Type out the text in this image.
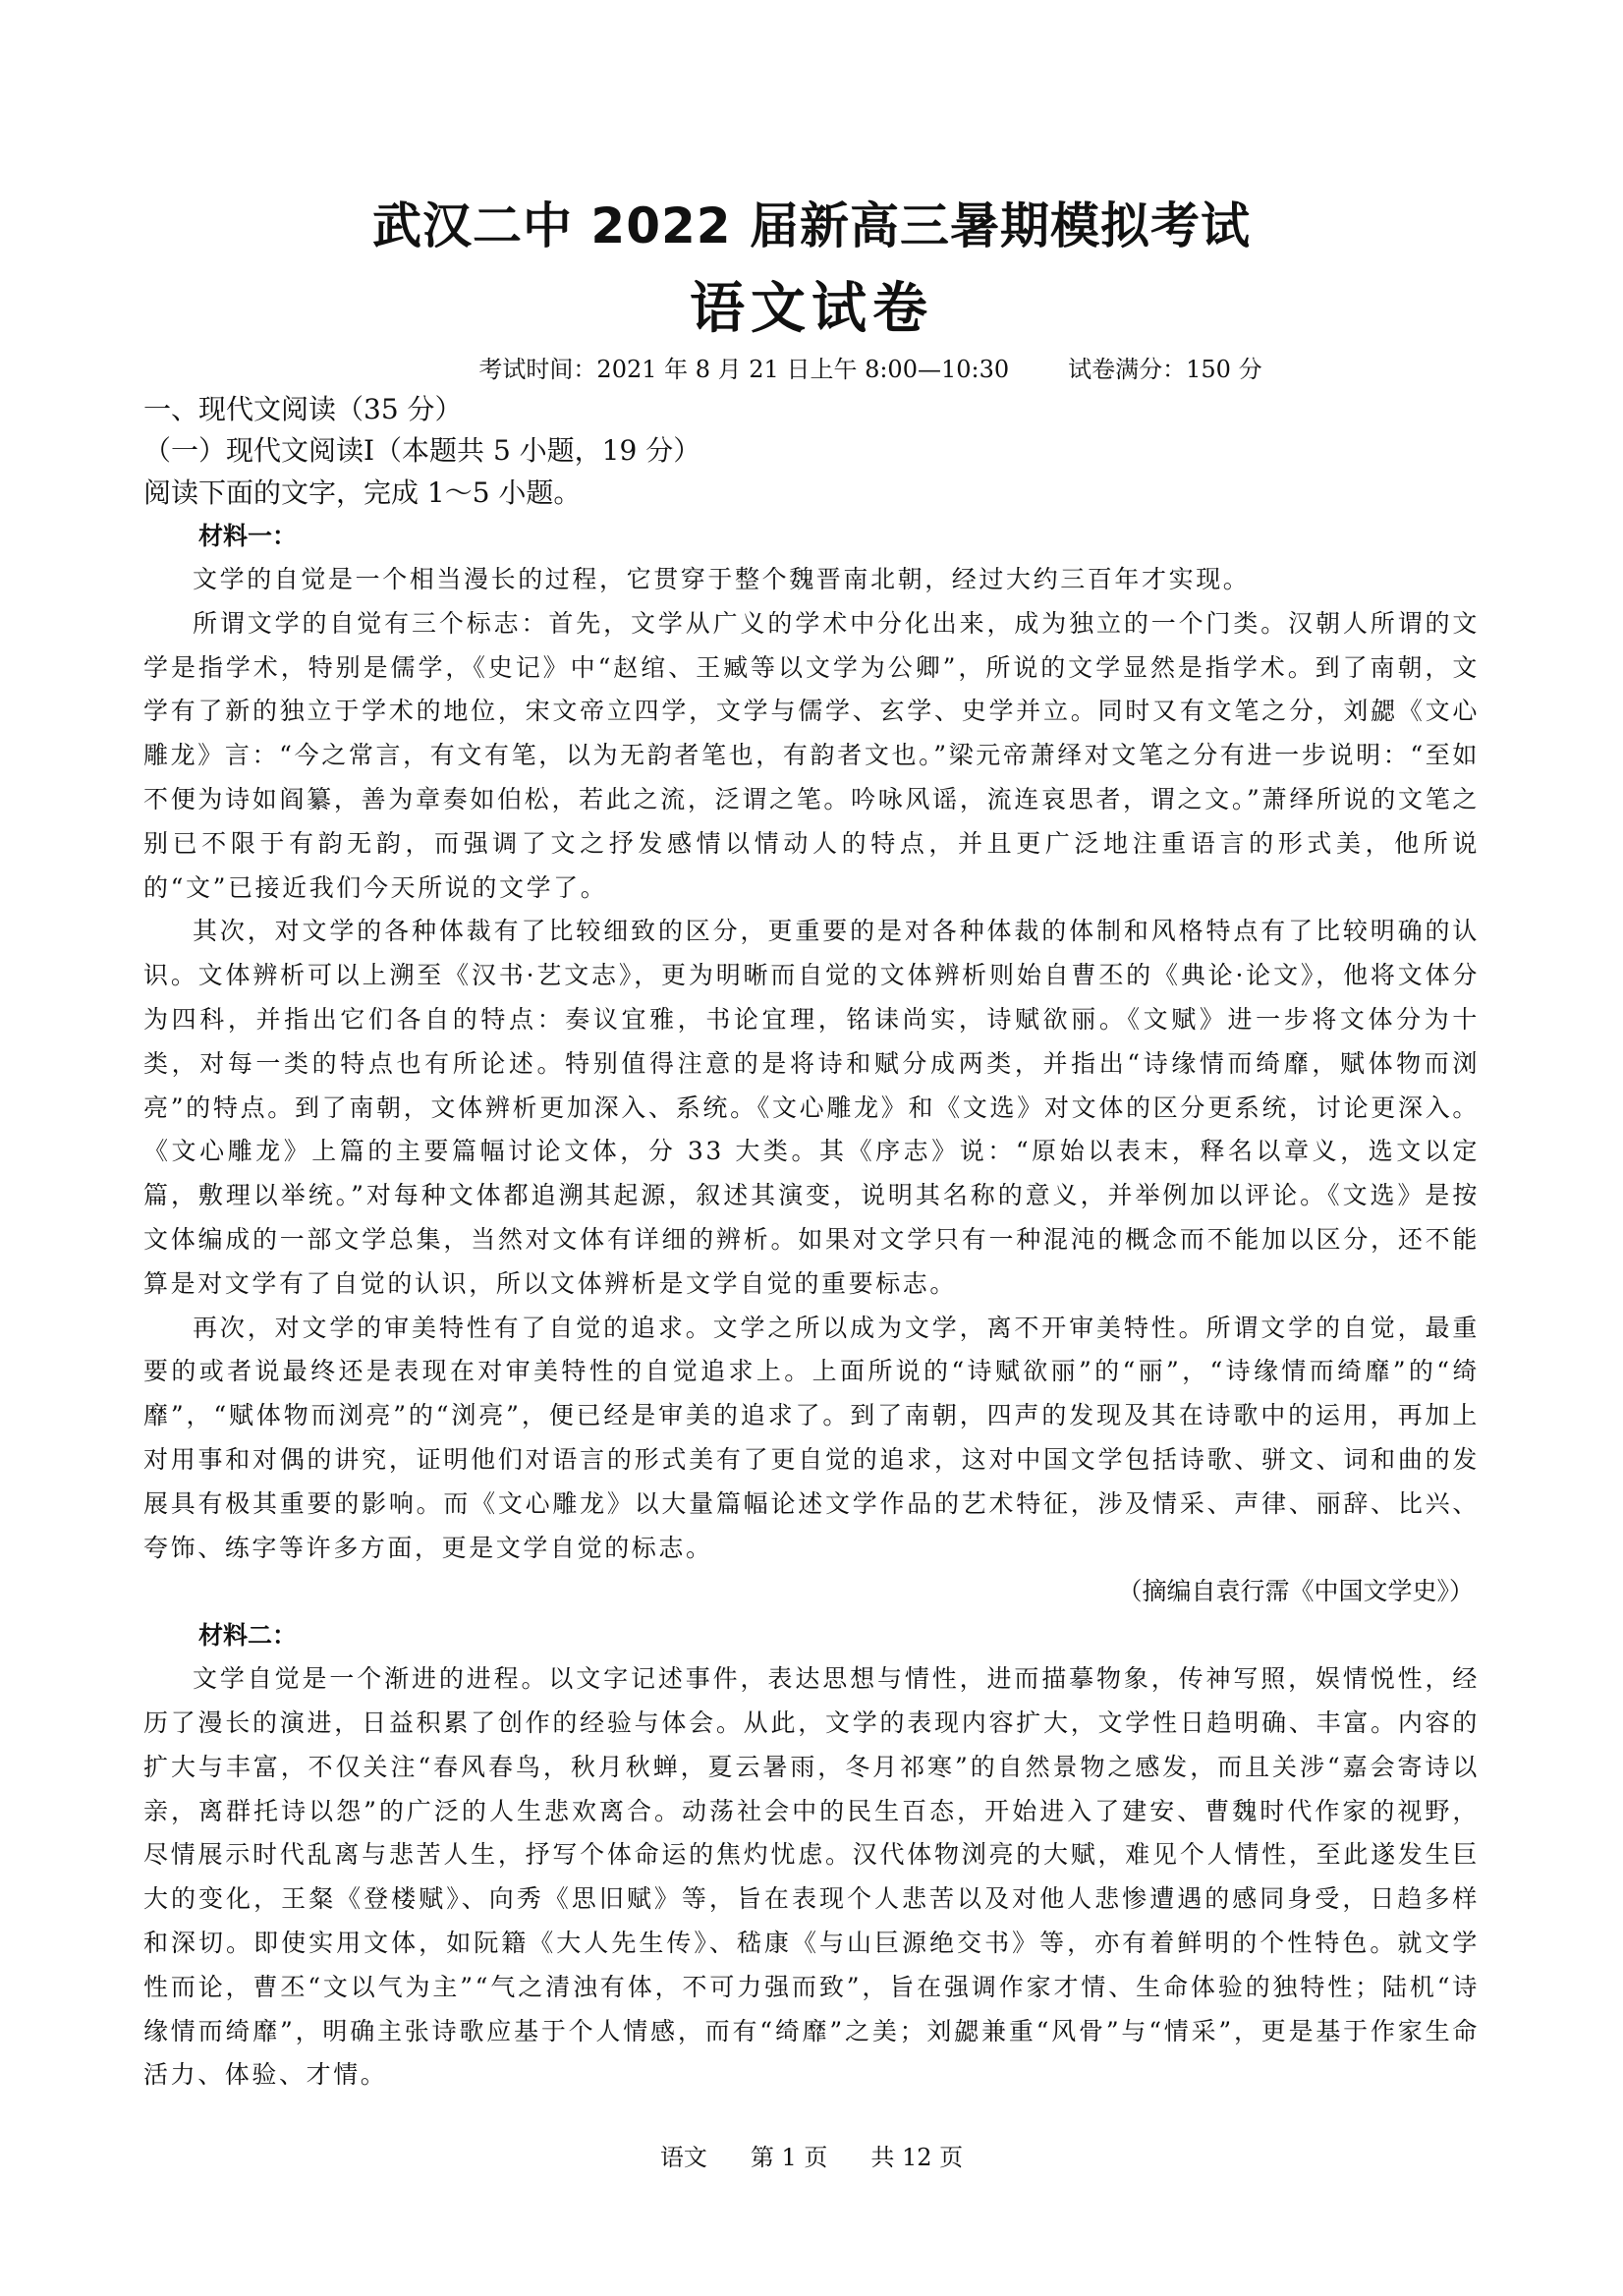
武汉二中 2022 届新高三暑期模拟考试
语文试卷
考试时间：2021 年 8 月 21 日上午 8:00—10:30	试卷满分：150 分

一、现代文阅读（35 分）

（一）现代文阅读Ⅰ（本题共 5 小题，19 分）

阅读下面的文字，完成 1～5 小题。

材料一：

文学的自觉是一个相当漫长的过程，它贯穿于整个魏晋南北朝，经过大约三百年才实现。

所谓文学的自觉有三个标志：首先，文学从广义的学术中分化出来，成为独立的一个门类。汉朝人所谓的文学是指学术，特别是儒学，《史记》中“赵绾、王臧等以文学为公卿”，所说的文学显然是指学术。到了南朝，文学有了新的独立于学术的地位，宋文帝立四学，文学与儒学、玄学、史学并立。同时又有文笔之分，刘勰《文心雕龙》言：“今之常言，有文有笔，以为无韵者笔也，有韵者文也。”梁元帝萧绎对文笔之分有进一步说明：“至如不便为诗如阎纂，善为章奏如伯松，若此之流，泛谓之笔。吟咏风谣，流连哀思者，谓之文。”萧绎所说的文笔之别已不限于有韵无韵，而强调了文之抒发感情以情动人的特点，并且更广泛地注重语言的形式美，他所说的“文”已接近我们今天所说的文学了。

其次，对文学的各种体裁有了比较细致的区分，更重要的是对各种体裁的体制和风格特点有了比较明确的认识。文体辨析可以上溯至《汉书·艺文志》，更为明晰而自觉的文体辨析则始自曹丕的《典论·论文》，他将文体分为四科，并指出它们各自的特点：奏议宜雅，书论宜理，铭诔尚实，诗赋欲丽。《文赋》进一步将文体分为十类，对每一类的特点也有所论述。特别值得注意的是将诗和赋分成两类，并指出“诗缘情而绮靡，赋体物而浏亮”的特点。到了南朝，文体辨析更加深入、系统。《文心雕龙》和《文选》对文体的区分更系统，讨论更深入。《文心雕龙》上篇的主要篇幅讨论文体，分 33 大类。其《序志》说：“原始以表末，释名以章义，选文以定篇，敷理以举统。”对每种文体都追溯其起源，叙述其演变，说明其名称的意义，并举例加以评论。《文选》是按文体编成的一部文学总集，当然对文体有详细的辨析。如果对文学只有一种混沌的概念而不能加以区分，还不能算是对文学有了自觉的认识，所以文体辨析是文学自觉的重要标志。

再次，对文学的审美特性有了自觉的追求。文学之所以成为文学，离不开审美特性。所谓文学的自觉，最重要的或者说最终还是表现在对审美特性的自觉追求上。上面所说的“诗赋欲丽”的“丽”，“诗缘情而绮靡”的“绮靡”，“赋体物而浏亮”的“浏亮”，便已经是审美的追求了。到了南朝，四声的发现及其在诗歌中的运用，再加上对用事和对偶的讲究，证明他们对语言的形式美有了更自觉的追求，这对中国文学包括诗歌、骈文、词和曲的发展具有极其重要的影响。而《文心雕龙》以大量篇幅论述文学作品的艺术特征，涉及情采、声律、丽辞、比兴、夸饰、练字等许多方面，更是文学自觉的标志。

（摘编自袁行霈《中国文学史》）

材料二：

文学自觉是一个渐进的进程。以文字记述事件，表达思想与情性，进而描摹物象，传神写照，娱情悦性，经历了漫长的演进，日益积累了创作的经验与体会。从此，文学的表现内容扩大，文学性日趋明确、丰富。内容的扩大与丰富，不仅关注“春风春鸟，秋月秋蝉，夏云暑雨，冬月祁寒”的自然景物之感发，而且关涉“嘉会寄诗以亲，离群托诗以怨”的广泛的人生悲欢离合。动荡社会中的民生百态，开始进入了建安、曹魏时代作家的视野，尽情展示时代乱离与悲苦人生，抒写个体命运的焦灼忧虑。汉代体物浏亮的大赋，难见个人情性，至此遂发生巨大的变化，王粲《登楼赋》、向秀《思旧赋》等，旨在表现个人悲苦以及对他人悲惨遭遇的感同身受，日趋多样和深切。即使实用文体，如阮籍《大人先生传》、嵇康《与山巨源绝交书》等，亦有着鲜明的个性特色。就文学性而论，曹丕“文以气为主”“气之清浊有体，不可力强而致”，旨在强调作家才情、生命体验的独特性；陆机“诗缘情而绮靡”，明确主张诗歌应基于个人情感，而有“绮靡”之美；刘勰兼重“风骨”与“情采”，更是基于作家生命活力、体验、才情。

语文 第 1 页 共 12 页
